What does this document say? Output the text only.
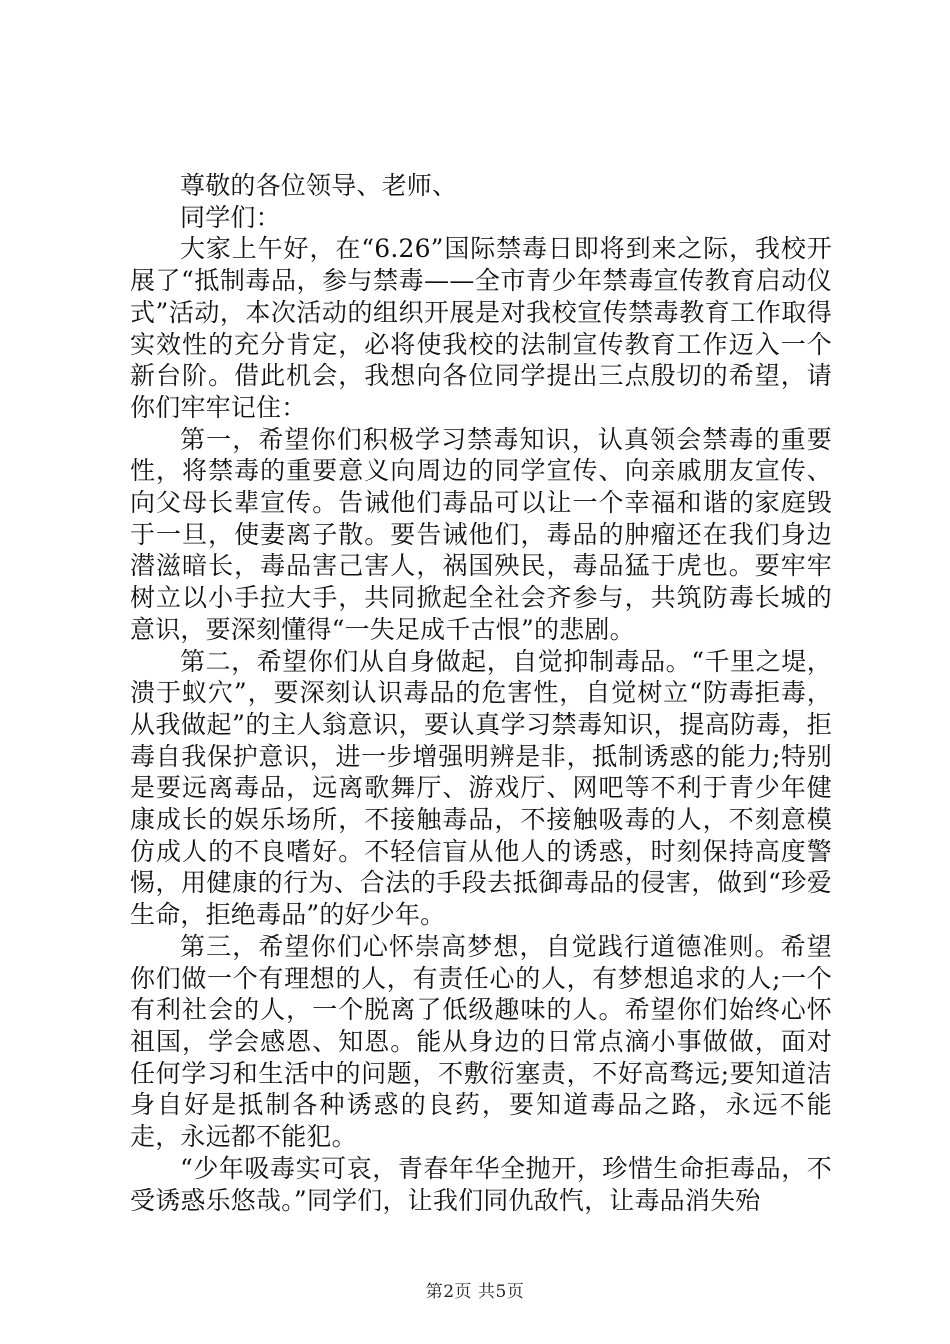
尊敬的各位领导、老师、

同学们：

大家上午好，在“6.26”国际禁毒日即将到来之际，我校开展了“抵制毒品，参与禁毒——全市青少年禁毒宣传教育启动仪式”活动，本次活动的组织开展是对我校宣传禁毒教育工作取得实效性的充分肯定，必将使我校的法制宣传教育工作迈入一个新台阶。借此机会，我想向各位同学提出三点殷切的希望，请你们牢牢记住：

第一，希望你们积极学习禁毒知识，认真领会禁毒的重要性，将禁毒的重要意义向周边的同学宣传、向亲戚朋友宣传、向父母长辈宣传。告诫他们毒品可以让一个幸福和谐的家庭毁于一旦，使妻离子散。要告诫他们，毒品的肿瘤还在我们身边潜滋暗长，毒品害己害人，祸国殃民，毒品猛于虎也。要牢牢树立以小手拉大手，共同掀起全社会齐参与，共筑防毒长城的意识，要深刻懂得“一失足成千古恨”的悲剧。

第二，希望你们从自身做起，自觉抑制毒品。“千里之堤，溃于蚁穴”，要深刻认识毒品的危害性，自觉树立“防毒拒毒，从我做起”的主人翁意识，要认真学习禁毒知识，提高防毒，拒毒自我保护意识，进一步增强明辨是非，抵制诱惑的能力;特别是要远离毒品，远离歌舞厅、游戏厅、网吧等不利于青少年健康成长的娱乐场所，不接触毒品，不接触吸毒的人，不刻意模仿成人的不良嗜好。不轻信盲从他人的诱惑，时刻保持高度警惕，用健康的行为、合法的手段去抵御毒品的侵害，做到“珍爱生命，拒绝毒品”的好少年。

第三，希望你们心怀崇高梦想，自觉践行道德准则。希望你们做一个有理想的人，有责任心的人，有梦想追求的人;一个有利社会的人，一个脱离了低级趣味的人。希望你们始终心怀祖国，学会感恩、知恩。能从身边的日常点滴小事做做，面对任何学习和生活中的问题，不敷衍塞责，不好高骛远;要知道洁身自好是抵制各种诱惑的良药，要知道毒品之路，永远不能走，永远都不能犯。

“少年吸毒实可哀，青春年华全抛开，珍惜生命拒毒品，不受诱惑乐悠哉。”同学们，让我们同仇敌忾，让毒品消失殆

第2页 共5页
